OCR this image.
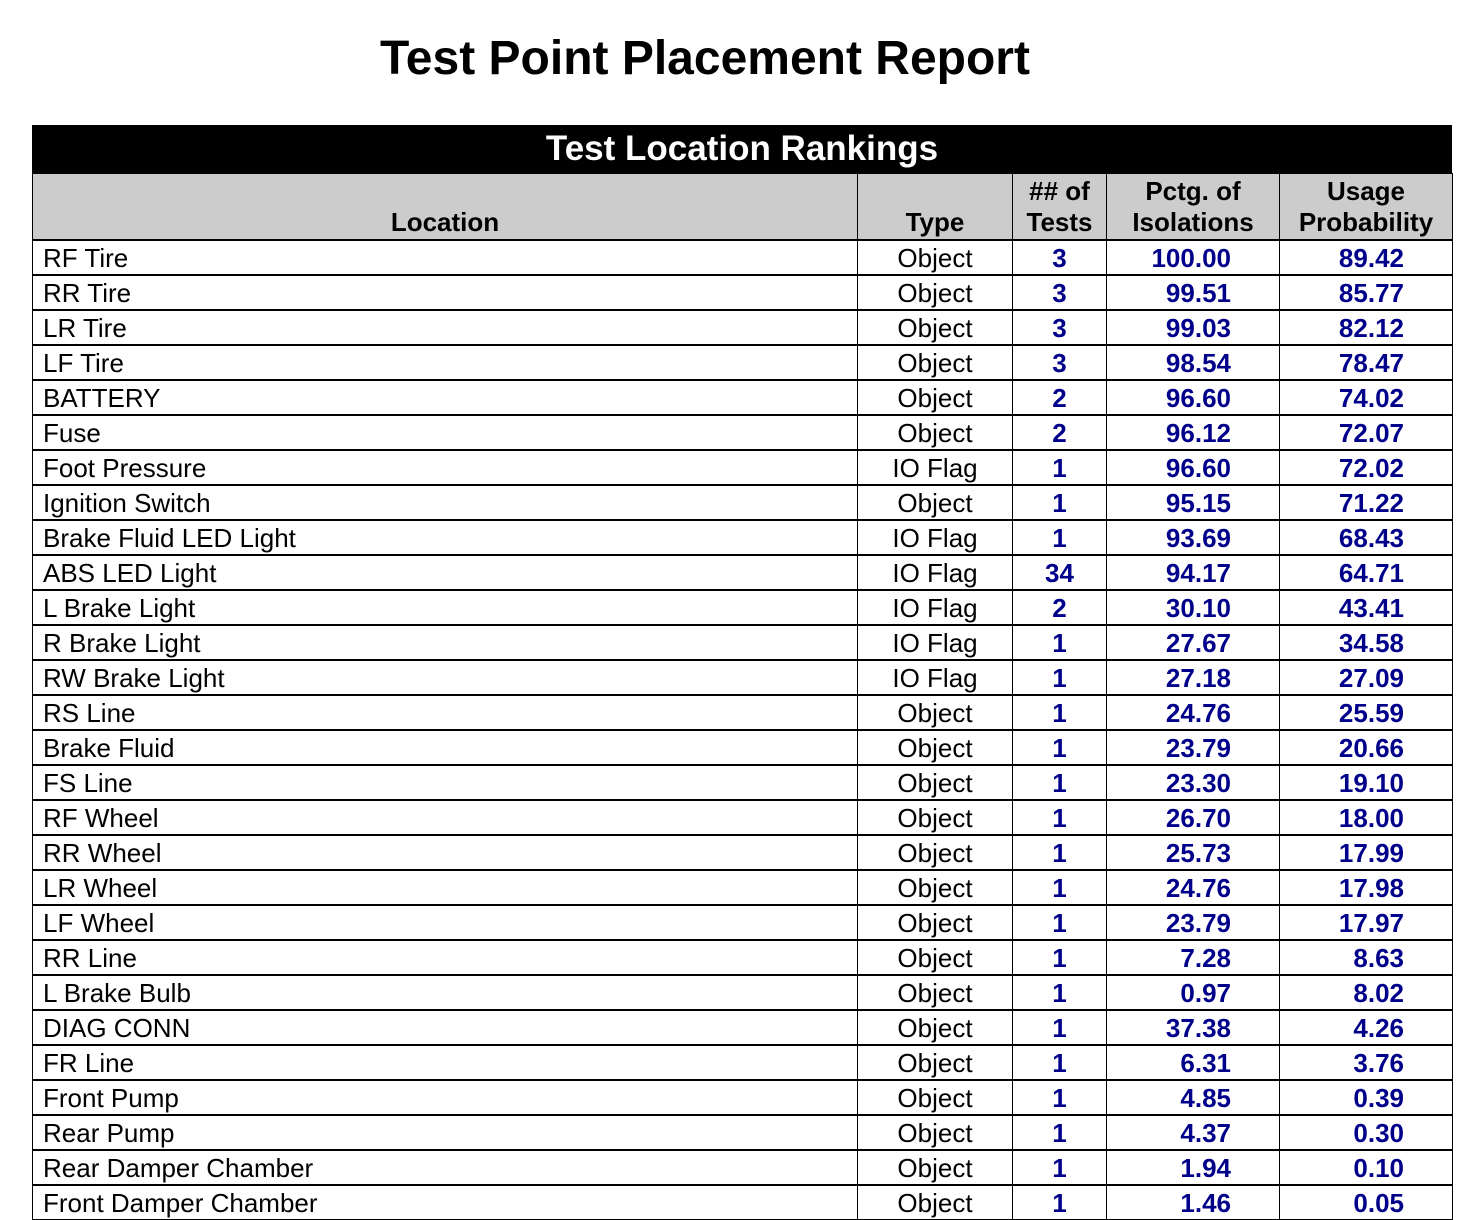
Test Point Placement Report
Test Location Rankings
Location	Type	## of Tests	Pctg. of Isolations	Usage Probability
RF Tire	Object	3	100.00	89.42
RR Tire	Object	3	99.51	85.77
LR Tire	Object	3	99.03	82.12
LF Tire	Object	3	98.54	78.47
BATTERY	Object	2	96.60	74.02
Fuse	Object	2	96.12	72.07
Foot Pressure	IO Flag	1	96.60	72.02
Ignition Switch	Object	1	95.15	71.22
Brake Fluid LED Light	IO Flag	1	93.69	68.43
ABS LED Light	IO Flag	34	94.17	64.71
L Brake Light	IO Flag	2	30.10	43.41
R Brake Light	IO Flag	1	27.67	34.58
RW Brake Light	IO Flag	1	27.18	27.09
RS Line	Object	1	24.76	25.59
Brake Fluid	Object	1	23.79	20.66
FS Line	Object	1	23.30	19.10
RF Wheel	Object	1	26.70	18.00
RR Wheel	Object	1	25.73	17.99
LR Wheel	Object	1	24.76	17.98
LF Wheel	Object	1	23.79	17.97
RR Line	Object	1	7.28	8.63
L Brake Bulb	Object	1	0.97	8.02
DIAG CONN	Object	1	37.38	4.26
FR Line	Object	1	6.31	3.76
Front Pump	Object	1	4.85	0.39
Rear Pump	Object	1	4.37	0.30
Rear Damper Chamber	Object	1	1.94	0.10
Front Damper Chamber	Object	1	1.46	0.05
